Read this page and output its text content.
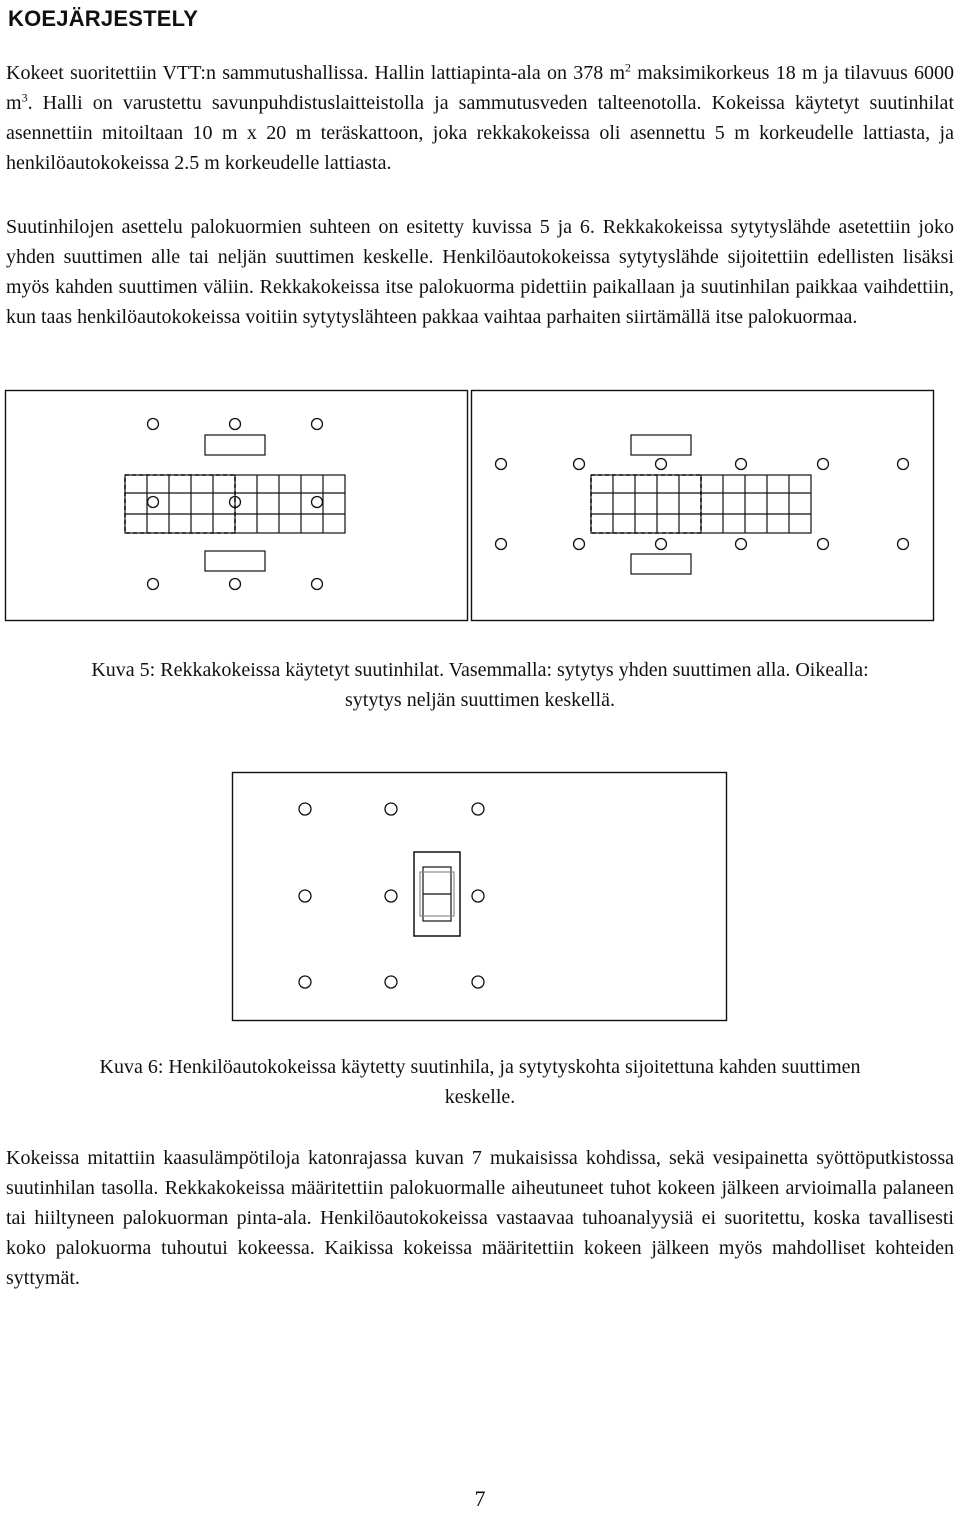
KOEJÄRJESTELY
Kokeet suoritettiin VTT:n sammutushallissa. Hallin lattiapinta-ala on 378 $m^2$ maksimikorkeus 18 m ja tilavuus 6000 $m^3$. Halli on varustettu savunpuhdistuslaitteistolla ja sammutusveden talteenotolla. Kokeissa käytetyt suutinhilat asennettiin mitoiltaan 10 m x 20 m teräskattoon, joka rekkakokeissa oli asennettu 5 m korkeudelle lattiasta, ja henkilöautokokeissa 2.5 m korkeudelle lattiasta.
Suutinhilojen asettelu palokuormien suhteen on esitetty kuvissa 5 ja 6. Rekkakokeissa sytytyslähde asetettiin joko yhden suuttimen alle tai neljän suuttimen keskelle. Henkilöautokokeissa sytytyslähde sijoitettiin edellisten lisäksi myös kahden suuttimen väliin. Rekkakokeissa itse palokuorma pidettiin paikallaan ja suutinhilan paikkaa vaihdettiin, kun taas henkilöautokokeissa voitiin sytytyslähteen pakkaa vaihtaa parhaiten siirtämällä itse palokuormaa.
Kuva 5: Rekkakokeissa käytetyt suutinhilat. Vasemmalla: sytytys yhden suuttimen alla. Oikealla:
sytytys neljän suuttimen keskellä.
Kuva 6: Henkilöautokokeissa käytetty suutinhila, ja sytytyskohta sijoitettuna kahden suuttimen
keskelle.
Kokeissa mitattiin kaasulämpötiloja katonrajassa kuvan 7 mukaisissa kohdissa, sekä vesipainetta syöttöputkistossa suutinhilan tasolla. Rekkakokeissa määritettiin palokuormalle aiheutuneet tuhot kokeen jälkeen arvioimalla palaneen tai hiiltyneen palokuorman pinta-ala. Henkilöautokokeissa vastaavaa tuhoanalyysiä ei suoritettu, koska tavallisesti koko palokuorma tuhoutui kokeessa. Kaikissa kokeissa määritettiin kokeen jälkeen myös mahdolliset kohteiden syttymät.
7
